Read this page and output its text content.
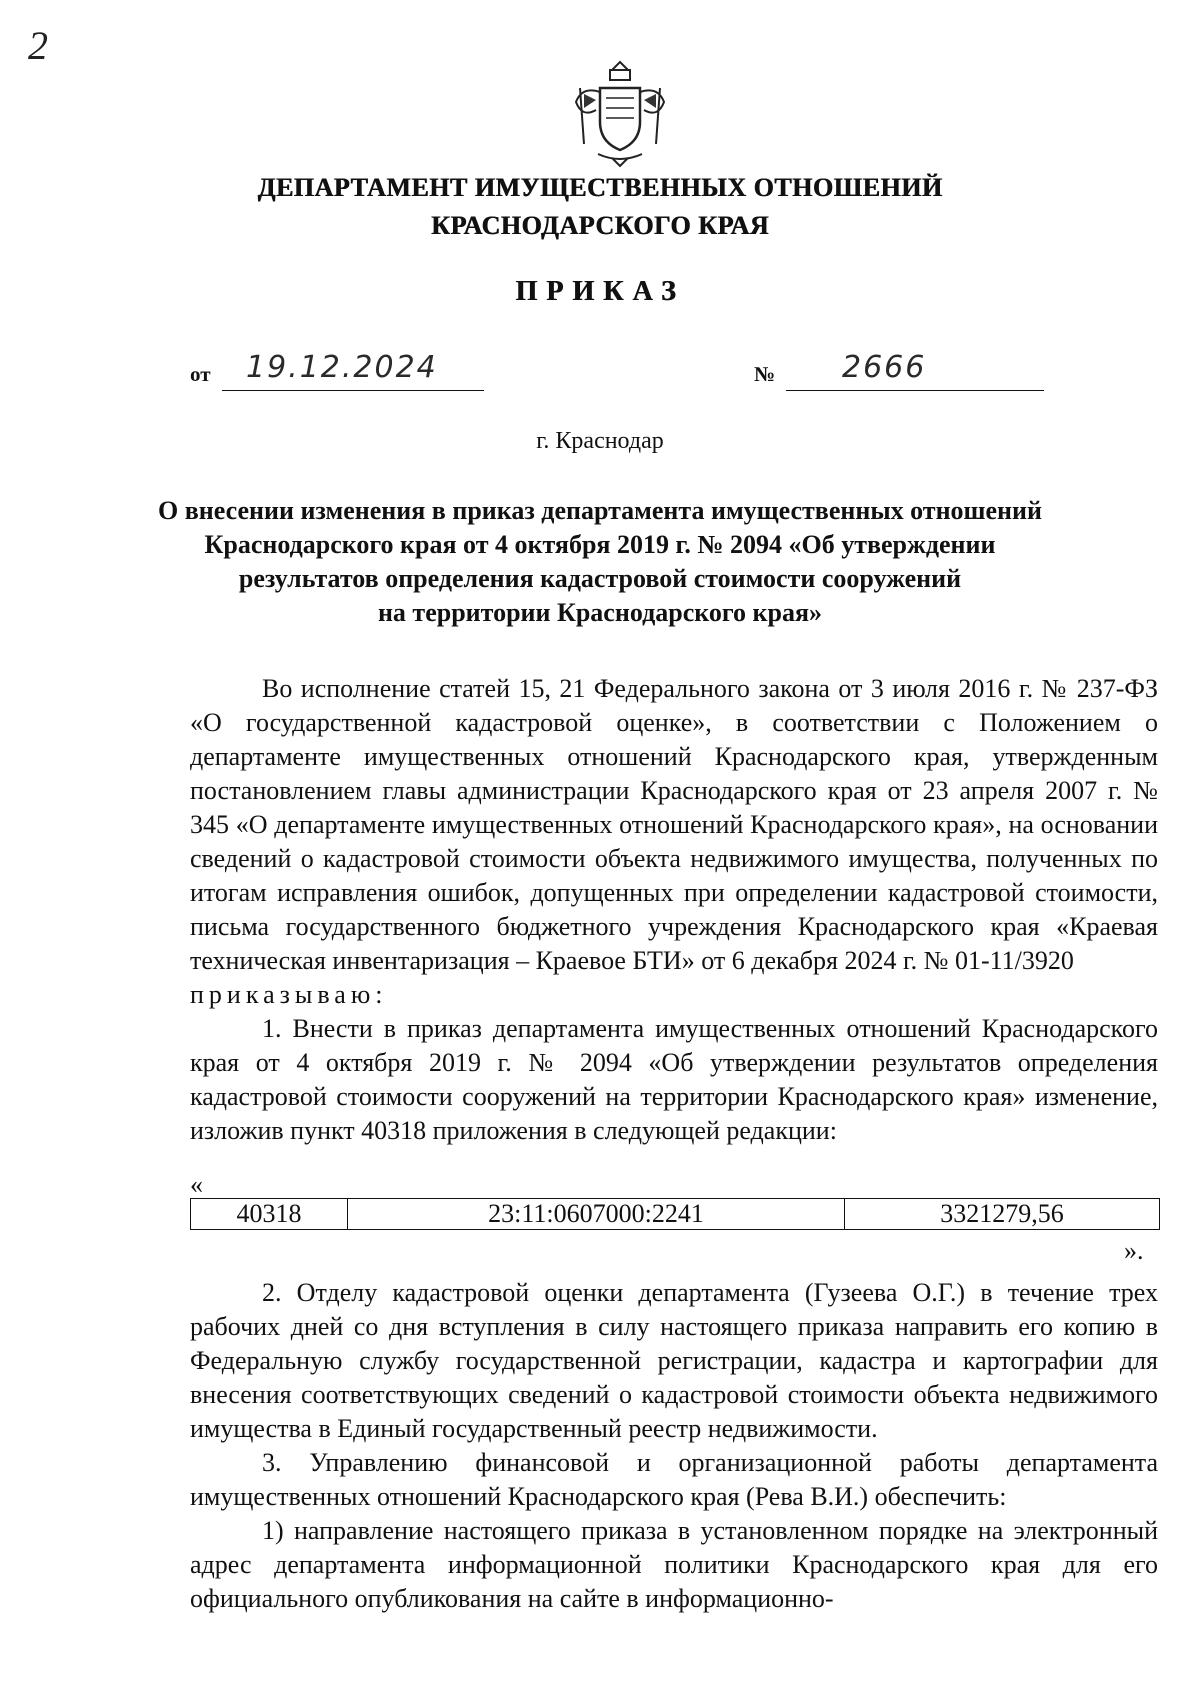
2
ДЕПАРТАМЕНТ ИМУЩЕСТВЕННЫХ ОТНОШЕНИЙ
КРАСНОДАРСКОГО КРАЯ
ПРИКАЗ
от 19.12.2024	№ 2666
г. Краснодар
О внесении изменения в приказ департамента имущественных отношений
Краснодарского края от 4 октября 2019 г. № 2094 «Об утверждении
результатов определения кадастровой стоимости сооружений
на территории Краснодарского края»

Во исполнение статей 15, 21 Федерального закона от 3 июля 2016 г. № 237-ФЗ «О государственной кадастровой оценке», в соответствии с Положением о департаменте имущественных отношений Краснодарского края, утвержденным постановлением главы администрации Краснодарского края от 23 апреля 2007 г. № 345 «О департаменте имущественных отношений Краснодарского края», на основании сведений о кадастровой стоимости объекта недвижимого имущества, полученных по итогам исправления ошибок, допущенных при определении кадастровой стоимости, письма государственного бюджетного учреждения Краснодарского края «Краевая техническая инвентаризация – Краевое БТИ» от 6 декабря 2024 г. № 01-11/3920

приказываю:

1. Внести в приказ департамента имущественных отношений Краснодарского края от 4 октября 2019 г. № 2094 «Об утверждении результатов определения кадастровой стоимости сооружений на территории Краснодарского края» изменение, изложив пункт 40318 приложения в следующей редакции:

«
40318	23:11:0607000:2241	3321279,56
».

2. Отделу кадастровой оценки департамента (Гузеева О.Г.) в течение трех рабочих дней со дня вступления в силу настоящего приказа направить его копию в Федеральную службу государственной регистрации, кадастра и картографии для внесения соответствующих сведений о кадастровой стоимости объекта недвижимого имущества в Единый государственный реестр недвижимости.

3. Управлению финансовой и организационной работы департамента имущественных отношений Краснодарского края (Рева В.И.) обеспечить:

1) направление настоящего приказа в установленном порядке на электронный адрес департамента информационной политики Краснодарского края для его официального опубликования на сайте в информационно-
